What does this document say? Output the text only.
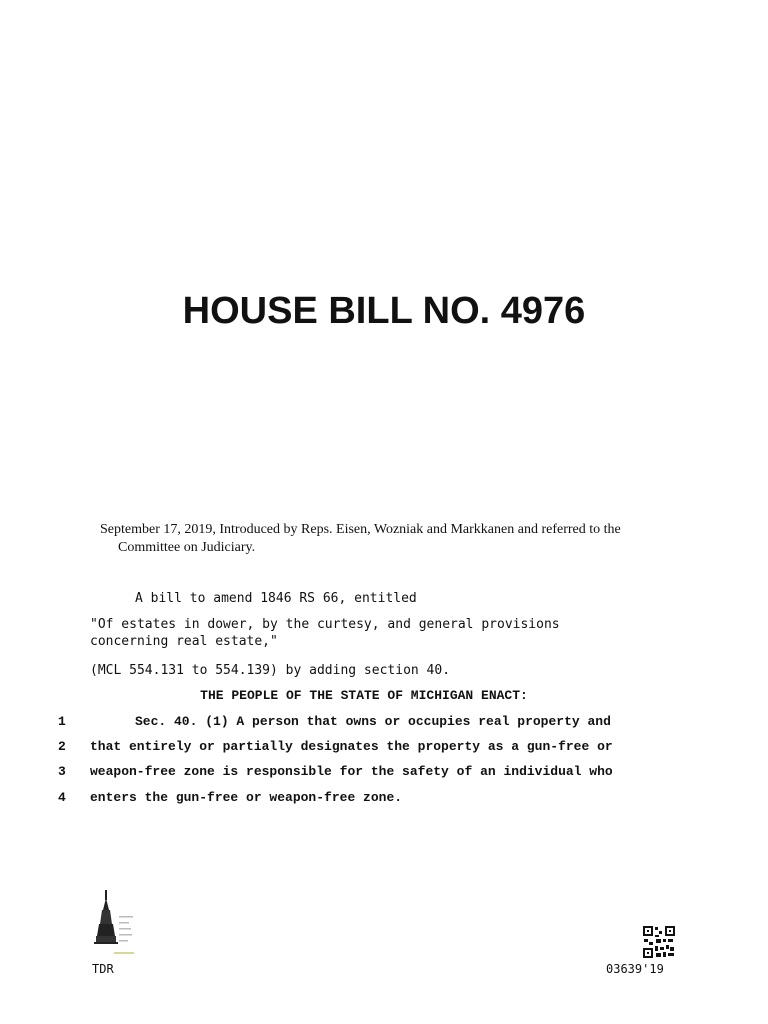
HOUSE BILL NO. 4976
September 17, 2019, Introduced by Reps. Eisen, Wozniak and Markkanen and referred to the
Committee on Judiciary.

A bill to amend 1846 RS 66, entitled

"Of estates in dower, by the curtesy, and general provisions

concerning real estate,"

(MCL 554.131 to 554.139) by adding section 40.

THE PEOPLE OF THE STATE OF MICHIGAN ENACT:

1	Sec. 40. (1) A person that owns or occupies real property and
2 that entirely or partially designates the property as a gun-free or
3 weapon-free zone is responsible for the safety of an individual who
4 enters the gun-free or weapon-free zone.
TDR	03639'19
